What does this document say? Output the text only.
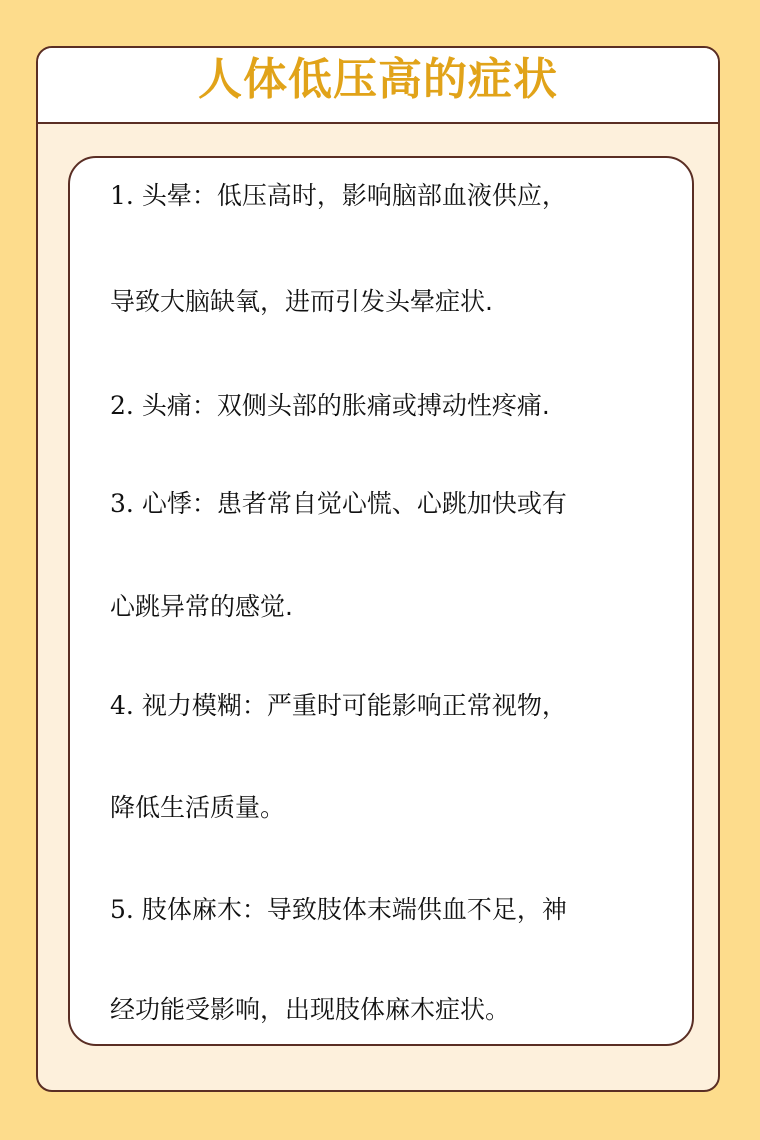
人体低压高的症状
1. 头晕：低压高时，影响脑部血液供应，
导致大脑缺氧，进而引发头晕症状.
2. 头痛：双侧头部的胀痛或搏动性疼痛.
3. 心悸：患者常自觉心慌、心跳加快或有
心跳异常的感觉.
4. 视力模糊：严重时可能影响正常视物，
降低生活质量。
5. 肢体麻木：导致肢体末端供血不足，神
经功能受影响，出现肢体麻木症状。
